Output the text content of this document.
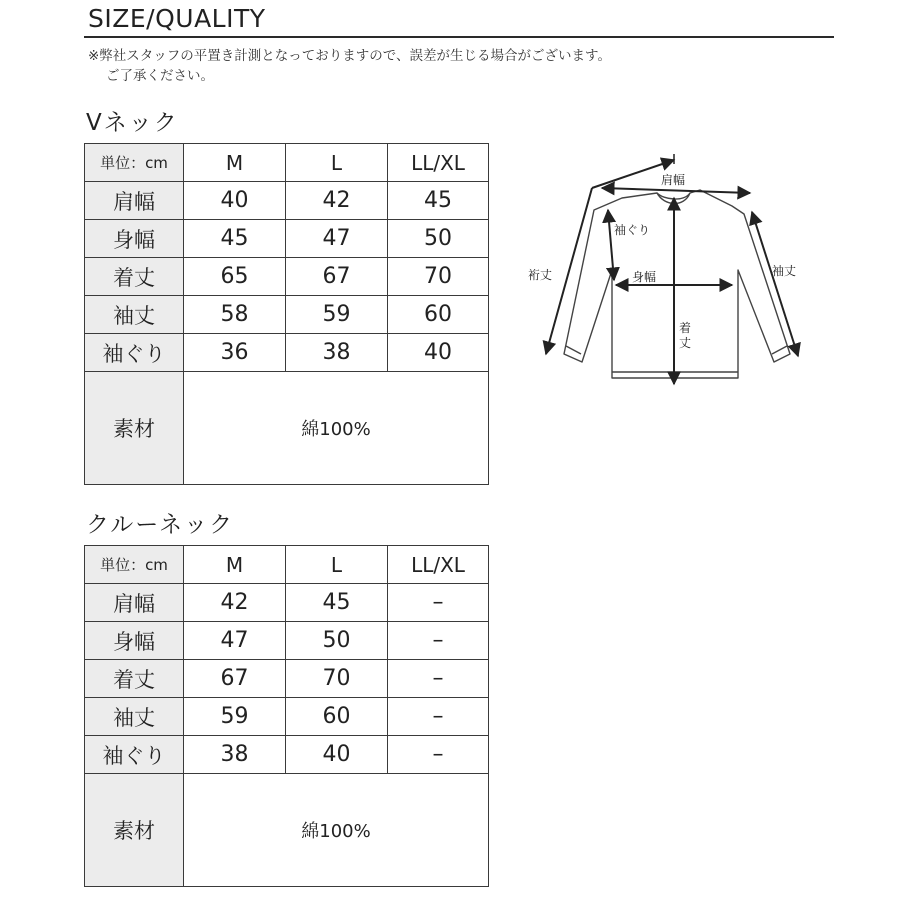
SIZE/QUALITY
※弊社スタッフの平置き計測となっておりますので、誤差が生じる場合がございます。
ご了承ください。
Vネック
単位：cm	M	L	LL/XL
肩幅	40	42	45
身幅	45	47	50
着丈	65	67	70
袖丈	58	59	60
袖ぐり	36	38	40
素材	綿100%		
クルーネック
単位：cm	M	L	LL/XL
肩幅	42	45	–
身幅	47	50	–
着丈	67	70	–
袖丈	59	60	–
袖ぐり	38	40	–
素材	綿100%		
肩幅
袖ぐり
裄丈	身幅	袖丈
着
丈
